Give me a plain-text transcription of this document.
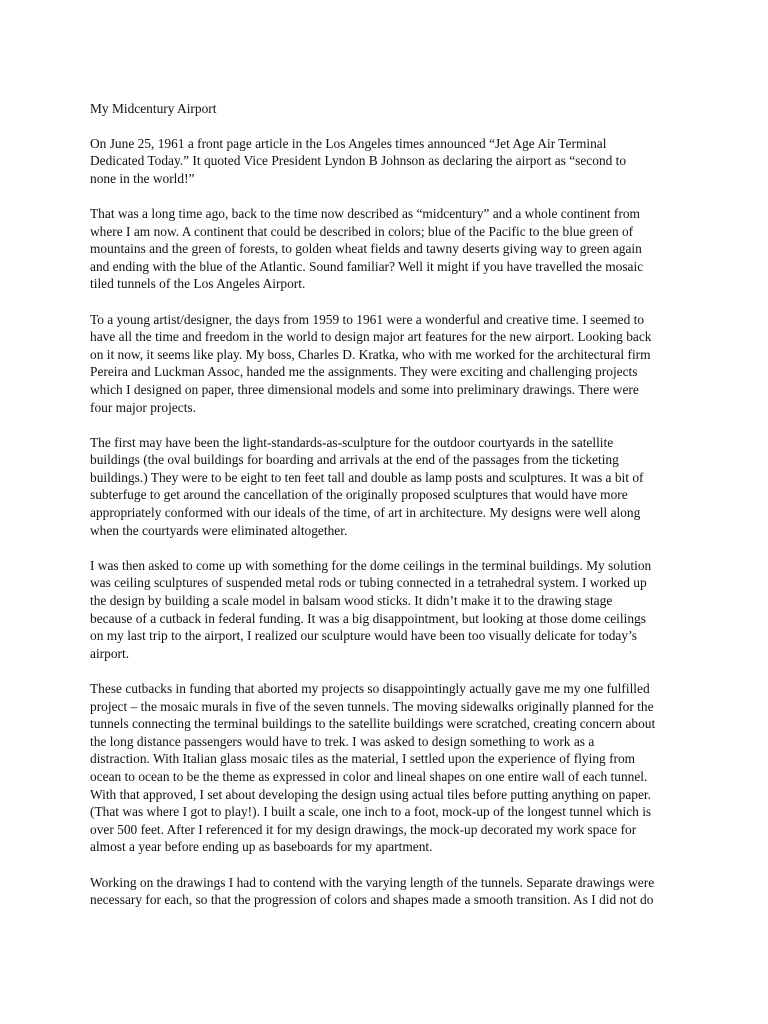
My Midcentury Airport
On June 25, 1961 a front page article in the Los Angeles times announced “Jet Age Air Terminal
Dedicated Today.” It quoted Vice President Lyndon B Johnson as declaring the airport as “second to
none in the world!”
That was a long time ago, back to the time now described as “midcentury” and a whole continent from
where I am now. A continent that could be described in colors; blue of the Pacific to the blue green of
mountains and the green of forests, to golden wheat fields and tawny deserts giving way to green again
and ending with the blue of the Atlantic. Sound familiar? Well it might if you have travelled the mosaic
tiled tunnels of the Los Angeles Airport.
To a young artist/designer, the days from 1959 to 1961 were a wonderful and creative time. I seemed to
have all the time and freedom in the world to design major art features for the new airport. Looking back
on it now, it seems like play. My boss, Charles D. Kratka, who with me worked for the architectural firm
Pereira and Luckman Assoc, handed me the assignments. They were exciting and challenging projects
which I designed on paper, three dimensional models and some into preliminary drawings. There were
four major projects.
The first may have been the light-standards-as-sculpture for the outdoor courtyards in the satellite
buildings (the oval buildings for boarding and arrivals at the end of the passages from the ticketing
buildings.) They were to be eight to ten feet tall and double as lamp posts and sculptures. It was a bit of
subterfuge to get around the cancellation of the originally proposed sculptures that would have more
appropriately conformed with our ideals of the time, of art in architecture. My designs were well along
when the courtyards were eliminated altogether.
I was then asked to come up with something for the dome ceilings in the terminal buildings. My solution
was ceiling sculptures of suspended metal rods or tubing connected in a tetrahedral system. I worked up
the design by building a scale model in balsam wood sticks. It didn’t make it to the drawing stage
because of a cutback in federal funding. It was a big disappointment, but looking at those dome ceilings
on my last trip to the airport, I realized our sculpture would have been too visually delicate for today’s
airport.
These cutbacks in funding that aborted my projects so disappointingly actually gave me my one fulfilled
project – the mosaic murals in five of the seven tunnels. The moving sidewalks originally planned for the
tunnels connecting the terminal buildings to the satellite buildings were scratched, creating concern about
the long distance passengers would have to trek. I was asked to design something to work as a
distraction. With Italian glass mosaic tiles as the material, I settled upon the experience of flying from
ocean to ocean to be the theme as expressed in color and lineal shapes on one entire wall of each tunnel.
With that approved, I set about developing the design using actual tiles before putting anything on paper.
(That was where I got to play!). I built a scale, one inch to a foot, mock-up of the longest tunnel which is
over 500 feet. After I referenced it for my design drawings, the mock-up decorated my work space for
almost a year before ending up as baseboards for my apartment.
Working on the drawings I had to contend with the varying length of the tunnels. Separate drawings were
necessary for each, so that the progression of colors and shapes made a smooth transition. As I did not do
